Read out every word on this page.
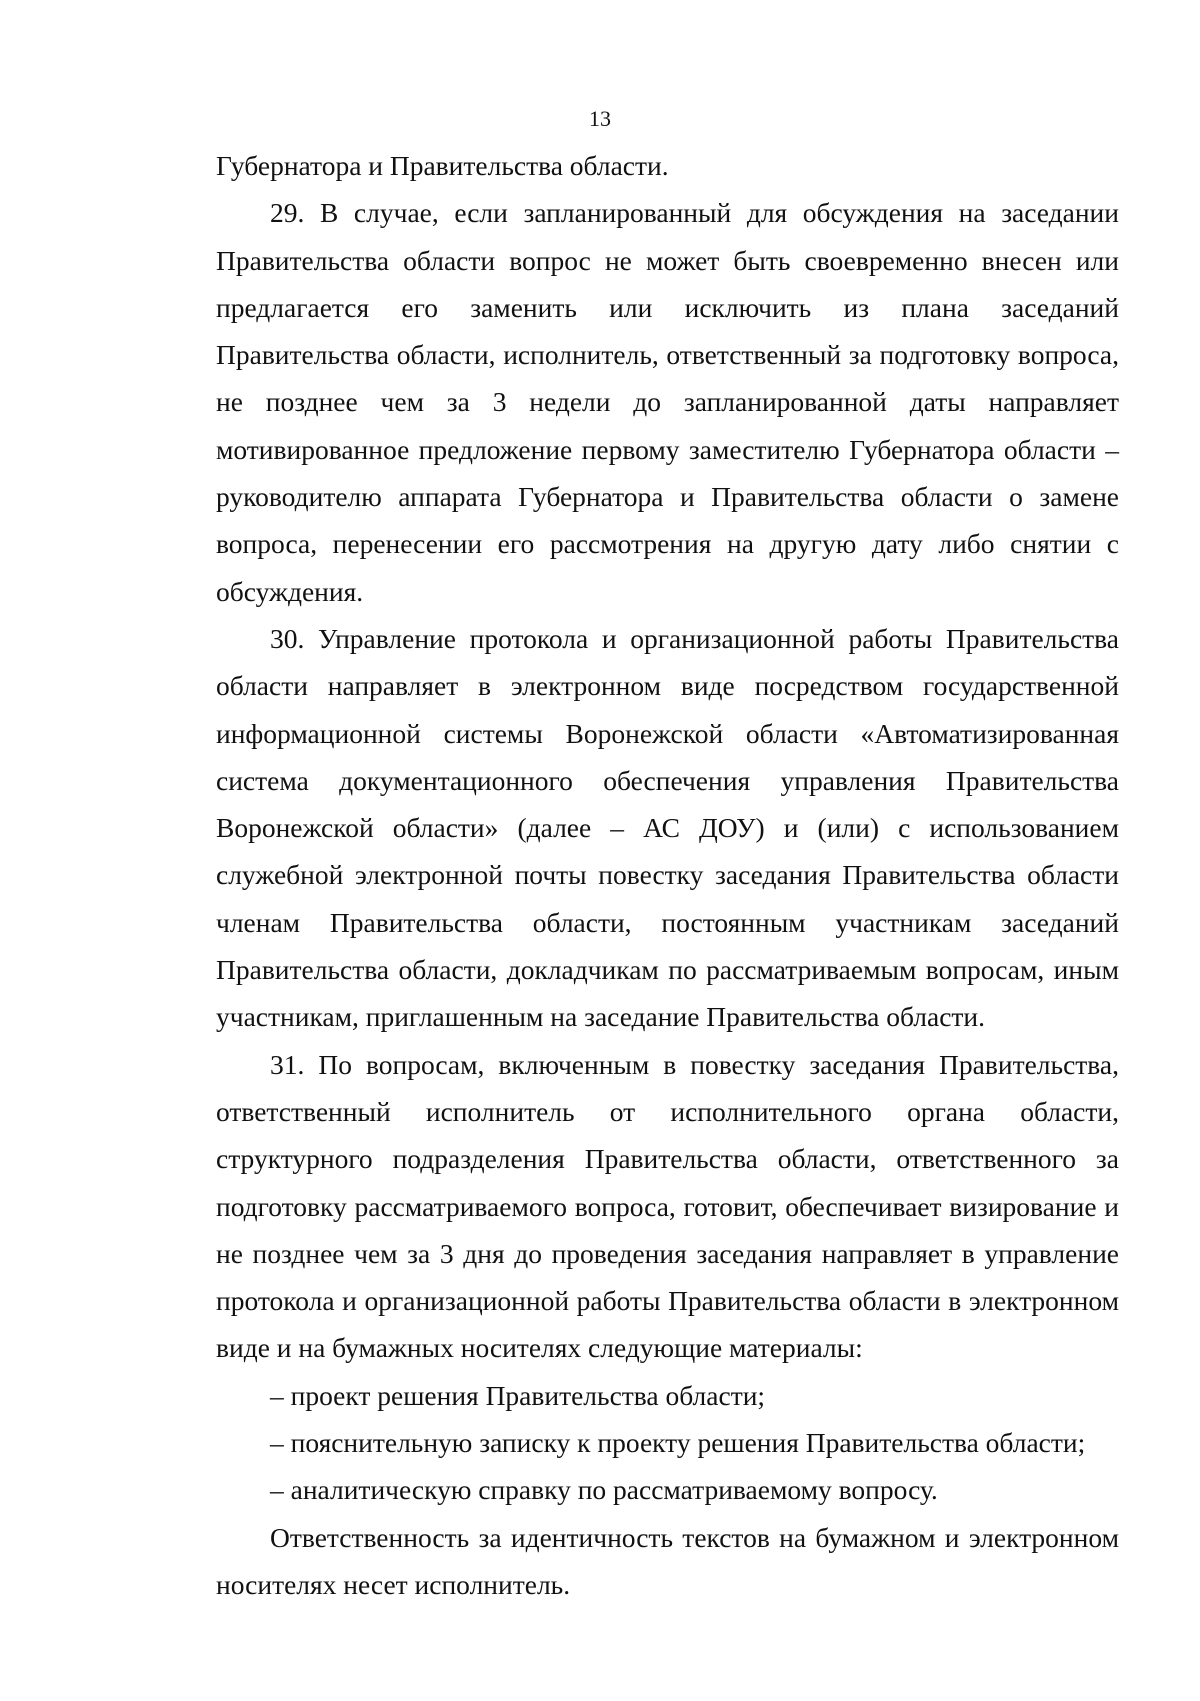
13

Губернатора и Правительства области.

29. В случае, если запланированный для обсуждения на заседании Правительства области вопрос не может быть своевременно внесен или предлагается его заменить или исключить из плана заседаний Правительства области, исполнитель, ответственный за подготовку вопроса, не позднее чем за 3 недели до запланированной даты направляет мотивированное предложение первому заместителю Губернатора области – руководителю аппарата Губернатора и Правительства области о замене вопроса, перенесении его рассмотрения на другую дату либо снятии с обсуждения.

30. Управление протокола и организационной работы Правительства области направляет в электронном виде посредством государственной информационной системы Воронежской области «Автоматизированная система документационного обеспечения управления Правительства Воронежской области» (далее – АС ДОУ) и (или) с использованием служебной электронной почты повестку заседания Правительства области членам Правительства области, постоянным участникам заседаний Правительства области, докладчикам по рассматриваемым вопросам, иным участникам, приглашенным на заседание Правительства области.

31. По вопросам, включенным в повестку заседания Правительства, ответственный исполнитель от исполнительного органа области, структурного подразделения Правительства области, ответственного за подготовку рассматриваемого вопроса, готовит, обеспечивает визирование и не позднее чем за 3 дня до проведения заседания направляет в управление протокола и организационной работы Правительства области в электронном виде и на бумажных носителях следующие материалы:

– проект решения Правительства области;

– пояснительную записку к проекту решения Правительства области;

– аналитическую справку по рассматриваемому вопросу.

Ответственность за идентичность текстов на бумажном и электронном носителях несет исполнитель.
